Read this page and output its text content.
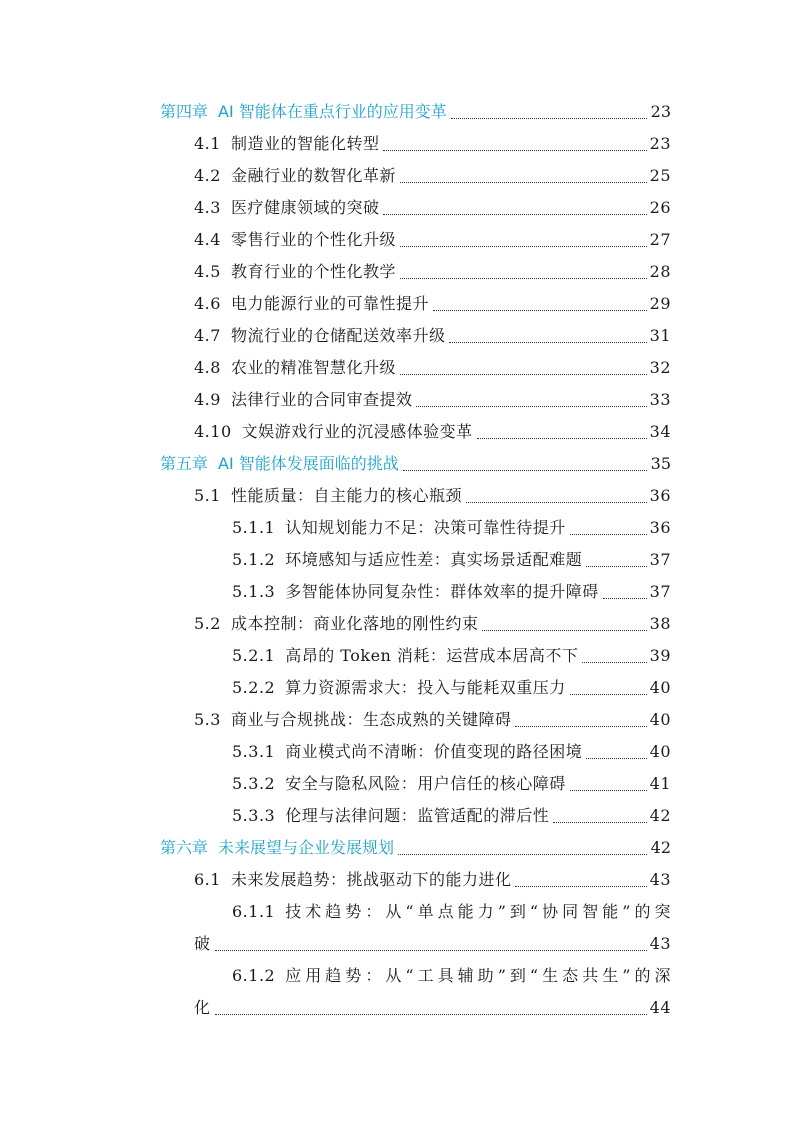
第四章 AI 智能体在重点行业的应用变革	23
4.1 制造业的智能化转型	23
4.2 金融行业的数智化革新	25
4.3 医疗健康领域的突破	26
4.4 零售行业的个性化升级	27
4.5 教育行业的个性化教学	28
4.6 电力能源行业的可靠性提升	29
4.7 物流行业的仓储配送效率升级	31
4.8 农业的精准智慧化升级	32
4.9 法律行业的合同审查提效	33
4.10 文娱游戏行业的沉浸感体验变革	34
第五章 AI 智能体发展面临的挑战	35
5.1 性能质量：自主能力的核心瓶颈	36
5.1.1 认知规划能力不足：决策可靠性待提升	36
5.1.2 环境感知与适应性差：真实场景适配难题	37
5.1.3 多智能体协同复杂性：群体效率的提升障碍	37
5.2 成本控制：商业化落地的刚性约束	38
5.2.1 高昂的 Token 消耗：运营成本居高不下	39
5.2.2 算力资源需求大：投入与能耗双重压力	40
5.3 商业与合规挑战：生态成熟的关键障碍	40
5.3.1 商业模式尚不清晰：价值变现的路径困境	40
5.3.2 安全与隐私风险：用户信任的核心障碍	41
5.3.3 伦理与法律问题：监管适配的滞后性	42
第六章 未来展望与企业发展规划	42
6.1 未来发展趋势：挑战驱动下的能力进化	43
6.1.1 技术趋势：从“单点能力”到“协同智能”的突
破	43
6.1.2 应用趋势：从“工具辅助”到“生态共生”的深
化	44
